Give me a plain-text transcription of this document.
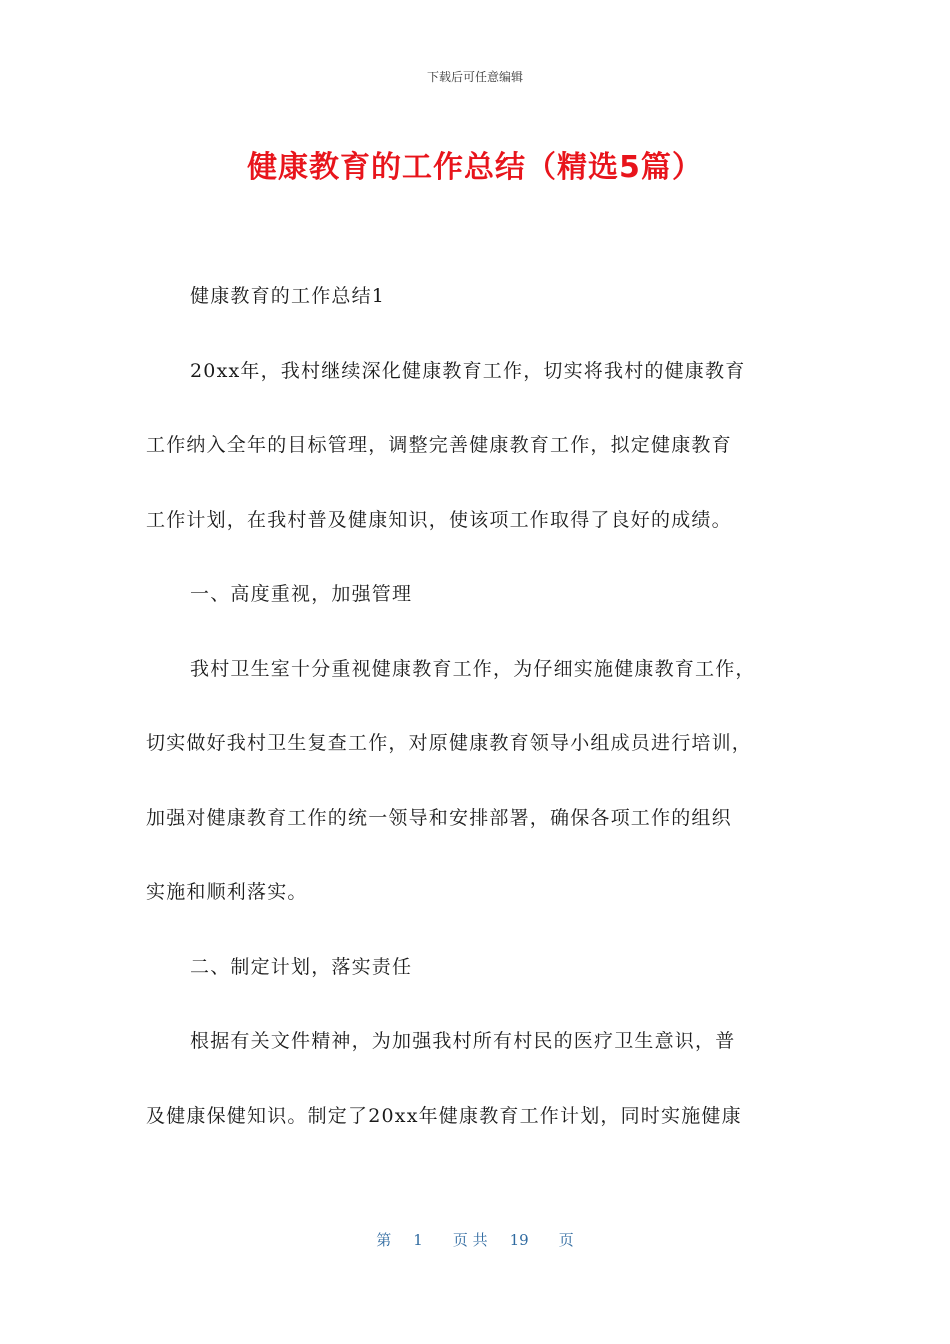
下载后可任意编辑
健康教育的工作总结（精选5篇）
健康教育的工作总结1
20xx年，我村继续深化健康教育工作，切实将我村的健康教育
工作纳入全年的目标管理，调整完善健康教育工作，拟定健康教育
工作计划，在我村普及健康知识，使该项工作取得了良好的成绩。
一、高度重视，加强管理
我村卫生室十分重视健康教育工作，为仔细实施健康教育工作，
切实做好我村卫生复查工作，对原健康教育领导小组成员进行培训，
加强对健康教育工作的统一领导和安排部署，确保各项工作的组织
实施和顺利落实。
二、制定计划，落实责任
根据有关文件精神，为加强我村所有村民的医疗卫生意识，普
及健康保健知识。制定了20xx年健康教育工作计划，同时实施健康
第 1 页 共 19 页
